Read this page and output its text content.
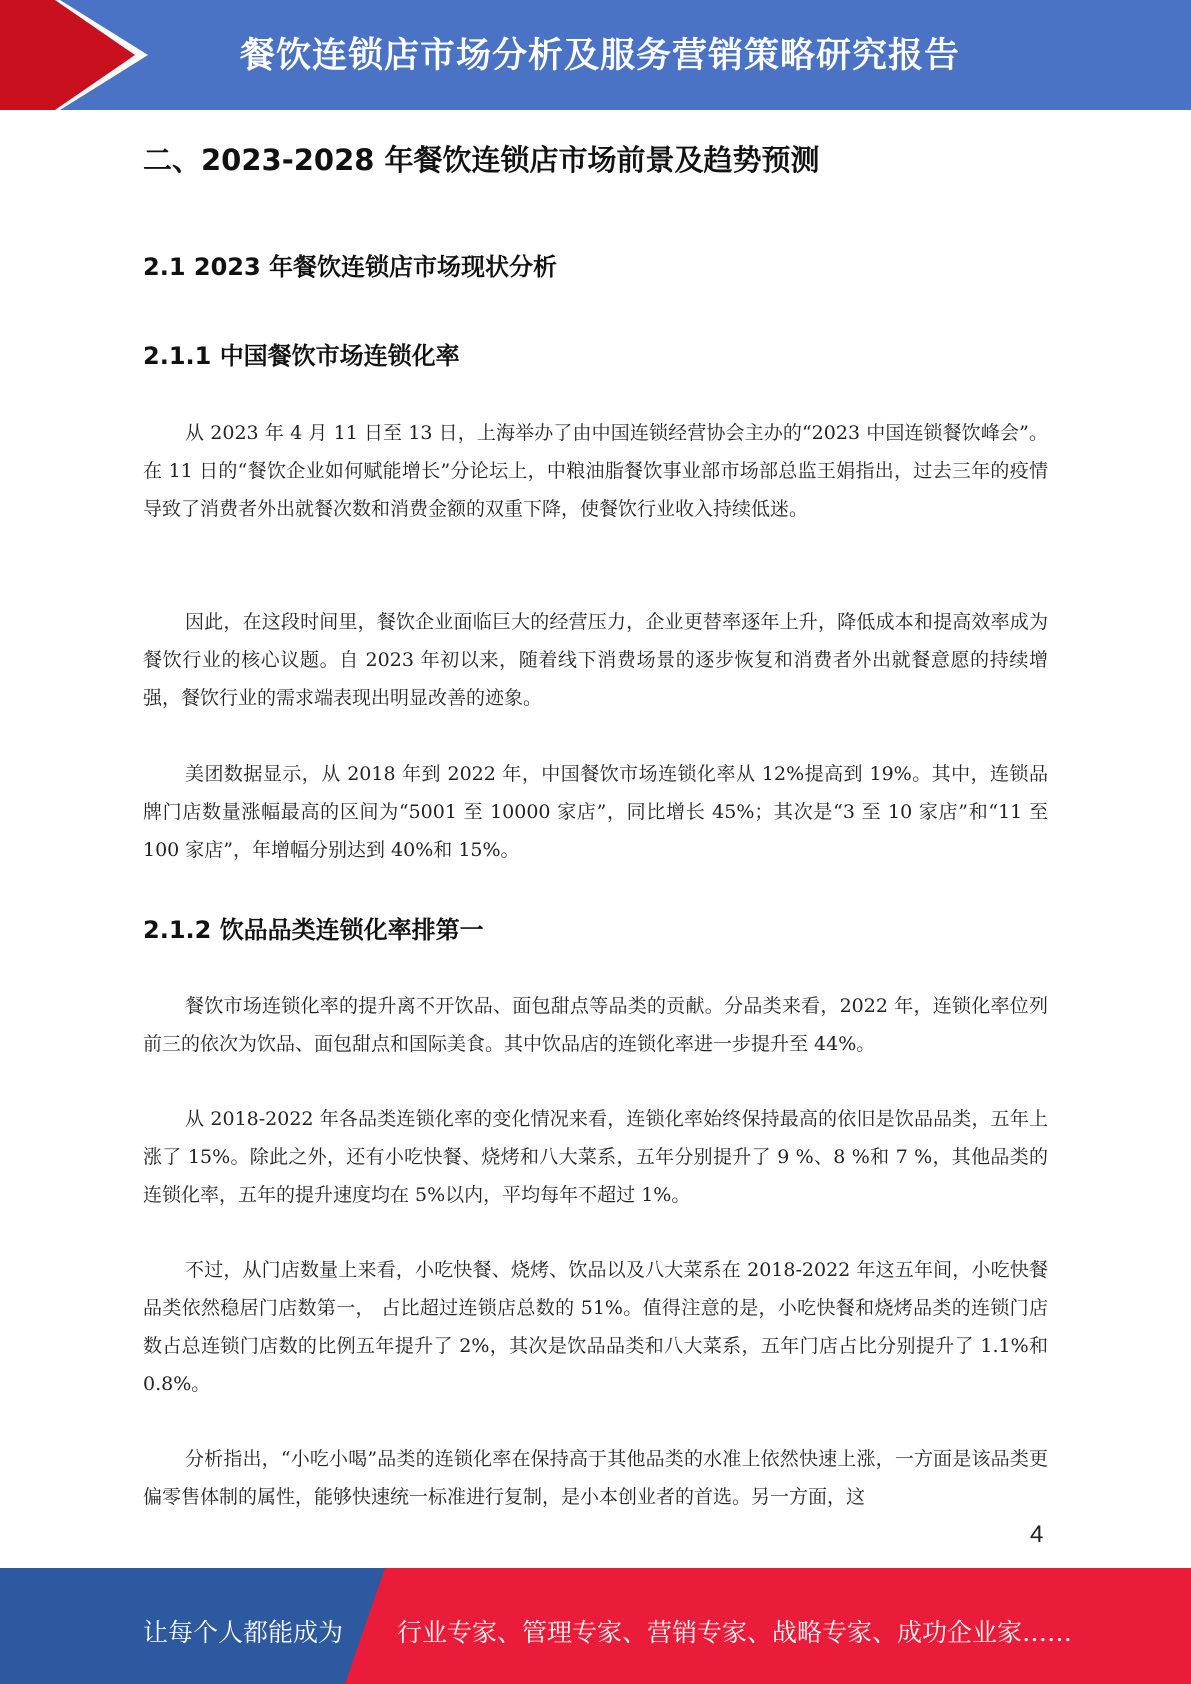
餐饮连锁店市场分析及服务营销策略研究报告
二、2023-2028 年餐饮连锁店市场前景及趋势预测
2.1 2023 年餐饮连锁店市场现状分析
2.1.1 中国餐饮市场连锁化率

从 2023 年 4 月 11 日至 13 日，上海举办了由中国连锁经营协会主办的“2023 中国连锁餐饮峰会”。在 11 日的“餐饮企业如何赋能增长”分论坛上，中粮油脂餐饮事业部市场部总监王娟指出，过去三年的疫情导致了消费者外出就餐次数和消费金额的双重下降，使餐饮行业收入持续低迷。

因此，在这段时间里，餐饮企业面临巨大的经营压力，企业更替率逐年上升，降低成本和提高效率成为餐饮行业的核心议题。自 2023 年初以来，随着线下消费场景的逐步恢复和消费者外出就餐意愿的持续增强，餐饮行业的需求端表现出明显改善的迹象。

美团数据显示，从 2018 年到 2022 年，中国餐饮市场连锁化率从 12%提高到 19%。其中，连锁品牌门店数量涨幅最高的区间为“5001 至 10000 家店”，同比增长 45%；其次是“3 至 10 家店”和“11 至 100 家店”，年增幅分别达到 40%和 15%。

2.1.2 饮品品类连锁化率排第一

餐饮市场连锁化率的提升离不开饮品、面包甜点等品类的贡献。分品类来看，2022 年，连锁化率位列前三的依次为饮品、面包甜点和国际美食。其中饮品店的连锁化率进一步提升至 44%。

从 2018-2022 年各品类连锁化率的变化情况来看，连锁化率始终保持最高的依旧是饮品品类，五年上涨了 15%。除此之外，还有小吃快餐、烧烤和八大菜系，五年分别提升了 9 %、8 %和 7 %，其他品类的连锁化率，五年的提升速度均在 5%以内，平均每年不超过 1%。

不过，从门店数量上来看，小吃快餐、烧烤、饮品以及八大菜系在 2018-2022 年这五年间，小吃快餐品类依然稳居门店数第一， 占比超过连锁店总数的 51%。值得注意的是，小吃快餐和烧烤品类的连锁门店数占总连锁门店数的比例五年提升了 2%，其次是饮品品类和八大菜系，五年门店占比分别提升了 1.1%和 0.8%。

分析指出，“小吃小喝”品类的连锁化率在保持高于其他品类的水准上依然快速上涨，一方面是该品类更偏零售体制的属性，能够快速统一标准进行复制，是小本创业者的首选。另一方面，这

4
让每个人都能成为 行业专家、管理专家、营销专家、战略专家、成功企业家……
